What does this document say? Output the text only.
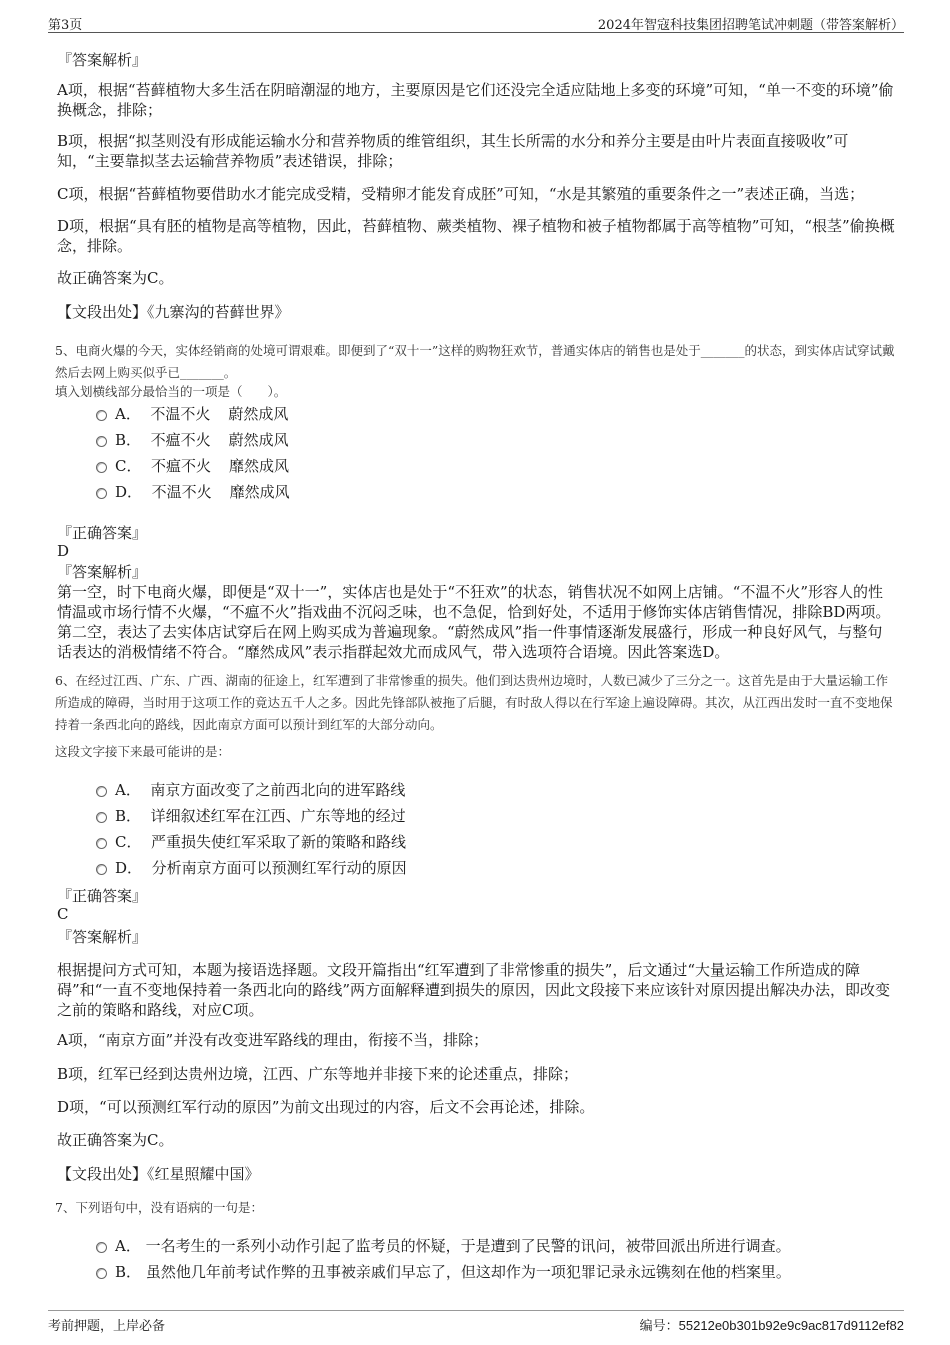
第3页	2024年智寇科技集团招聘笔试冲刺题（带答案解析）
『答案解析』
A项，根据“苔藓植物大多生活在阴暗潮湿的地方，主要原因是它们还没完全适应陆地上多变的环境”可知，“单一不变的环境”偷换概念，排除；
B项，根据“拟茎则没有形成能运输水分和营养物质的维管组织，其生长所需的水分和养分主要是由叶片表面直接吸收”可知，“主要靠拟茎去运输营养物质”表述错误，排除；
C项，根据“苔藓植物要借助水才能完成受精，受精卵才能发育成胚”可知，“水是其繁殖的重要条件之一”表述正确，当选；
D项，根据“具有胚的植物是高等植物，因此，苔藓植物、蕨类植物、裸子植物和被子植物都属于高等植物”可知，“根茎”偷换概念，排除。
故正确答案为C。
【文段出处】《九寨沟的苔藓世界》
5、电商火爆的今天，实体经销商的处境可谓艰难。即便到了“双十一”这样的购物狂欢节，普通实体店的销售也是处于_______的状态，到实体店试穿试戴然后去网上购买似乎已_______。
填入划横线部分最恰当的一项是（　　）。
A． 不温不火 蔚然成风
B． 不瘟不火 蔚然成风
C． 不瘟不火 靡然成风
D． 不温不火 靡然成风
『正确答案』
D
『答案解析』
第一空，时下电商火爆，即便是“双十一”，实体店也是处于“不狂欢”的状态，销售状况不如网上店铺。“不温不火”形容人的性情温或市场行情不火爆，“不瘟不火”指戏曲不沉闷乏味，也不急促，恰到好处，不适用于修饰实体店销售情况，排除BD两项。第二空，表达了去实体店试穿后在网上购买成为普遍现象。“蔚然成风”指一件事情逐渐发展盛行，形成一种良好风气，与整句话表达的消极情绪不符合。“靡然成风”表示指群起效尤而成风气，带入选项符合语境。因此答案选D。
6、在经过江西、广东、广西、湖南的征途上，红军遭到了非常惨重的损失。他们到达贵州边境时，人数已减少了三分之一。这首先是由于大量运输工作所造成的障碍，当时用于这项工作的竟达五千人之多。因此先锋部队被拖了后腿，有时敌人得以在行军途上遍设障碍。其次，从江西出发时一直不变地保持着一条西北向的路线，因此南京方面可以预计到红军的大部分动向。
这段文字接下来最可能讲的是：
A． 南京方面改变了之前西北向的进军路线
B． 详细叙述红军在江西、广东等地的经过
C． 严重损失使红军采取了新的策略和路线
D． 分析南京方面可以预测红军行动的原因
『正确答案』
C
『答案解析』
根据提问方式可知，本题为接语选择题。文段开篇指出“红军遭到了非常惨重的损失”，后文通过“大量运输工作所造成的障碍”和“一直不变地保持着一条西北向的路线”两方面解释遭到损失的原因，因此文段接下来应该针对原因提出解决办法，即改变之前的策略和路线，对应C项。
A项，“南京方面”并没有改变进军路线的理由，衔接不当，排除；
B项，红军已经到达贵州边境，江西、广东等地并非接下来的论述重点，排除；
D项，“可以预测红军行动的原因”为前文出现过的内容，后文不会再论述，排除。
故正确答案为C。
【文段出处】《红星照耀中国》
7、下列语句中，没有语病的一句是：
A． 一名考生的一系列小动作引起了监考员的怀疑，于是遭到了民警的讯问，被带回派出所进行调查。
B． 虽然他几年前考试作弊的丑事被亲戚们早忘了，但这却作为一项犯罪记录永远镌刻在他的档案里。
考前押题，上岸必备	编号：55212e0b301b92e9c9ac817d9112ef82
